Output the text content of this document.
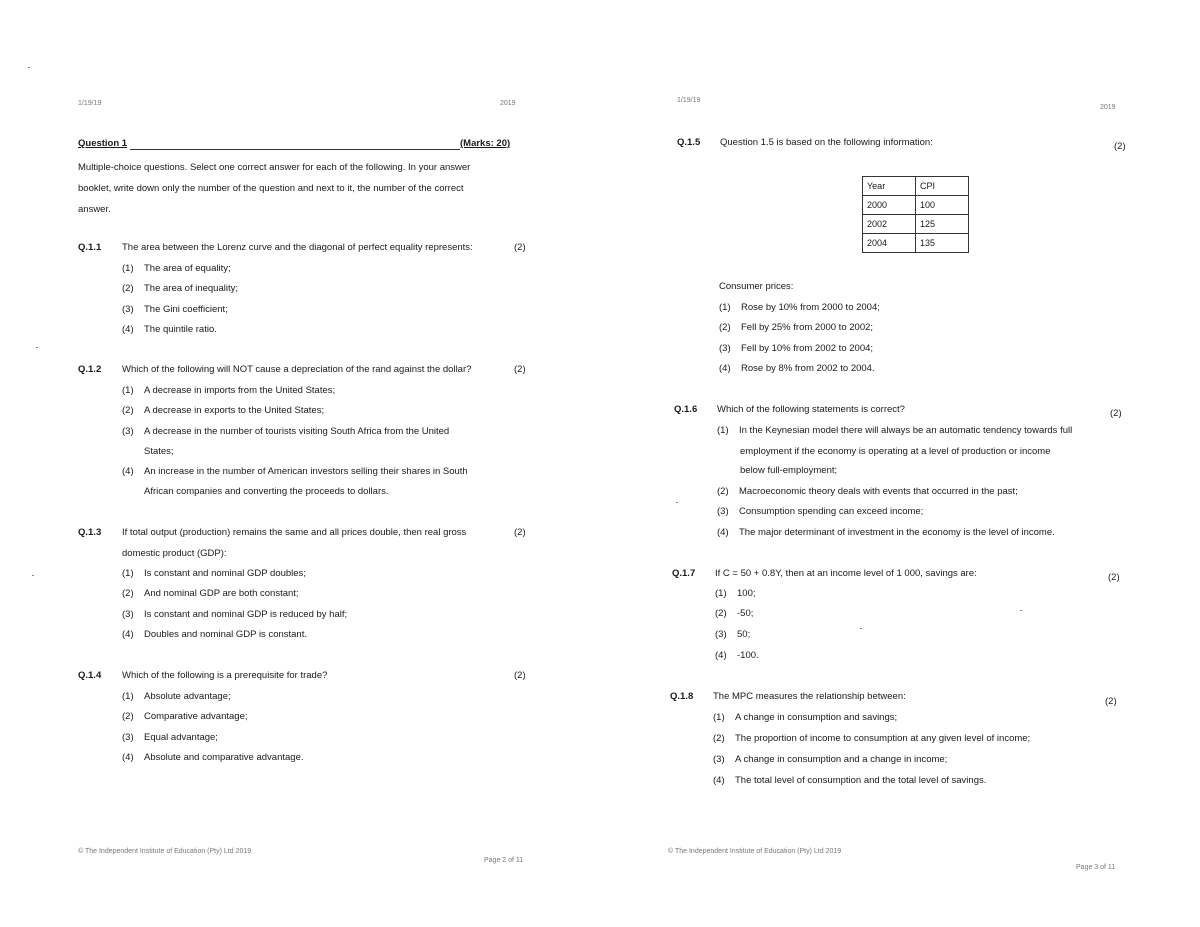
1/19/19	2019
Question 1	(Marks: 20)
Multiple-choice questions. Select one correct answer for each of the following. In your answer
booklet, write down only the number of the question and next to it, the number of the correct
answer.
Q.1.1 The area between the Lorenz curve and the diagonal of perfect equality represents:	(2)
(1) The area of equality;
(2) The area of inequality;
(3) The Gini coefficient;
(4) The quintile ratio.
Q.1.2 Which of the following will NOT cause a depreciation of the rand against the dollar?	(2)
(1) A decrease in imports from the United States;
(2) A decrease in exports to the United States;
(3) A decrease in the number of tourists visiting South Africa from the United
States;
(4) An increase in the number of American investors selling their shares in South
African companies and converting the proceeds to dollars.
Q.1.3 If total output (production) remains the same and all prices double, then real gross
domestic product (GDP):
(2)
(1) Is constant and nominal GDP doubles;
(2) And nominal GDP are both constant;
(3) Is constant and nominal GDP is reduced by half;
(4) Doubles and nominal GDP is constant.
Q.1.4 Which of the following is a prerequisite for trade?	(2)
(1) Absolute advantage;
(2) Comparative advantage;
(3) Equal advantage;
(4) Absolute and comparative advantage.
© The Independent Institute of Education (Pty) Ltd 2019
Page 2 of 11
1/19/19
2019
Q.1.5 Question 1.5 is based on the following information:	(2)
Year	CPI
2000	100
2002	125
2004	135
Consumer prices:
(1) Rose by 10% from 2000 to 2004;
(2) Fell by 25% from 2000 to 2002;
(3) Fell by 10% from 2002 to 2004;
(4) Rose by 8% from 2002 to 2004.
Q.1.6 Which of the following statements is correct?	(2)
(1) In the Keynesian model there will always be an automatic tendency towards full
employment if the economy is operating at a level of production or income
below full-employment;
(2) Macroeconomic theory deals with events that occurred in the past;
(3) Consumption spending can exceed income;
(4) The major determinant of investment in the economy is the level of income.
Q.1.7 If C = 50 + 0.8Y, then at an income level of 1 000, savings are:	(2)
(1) 100;
(2) -50;
(3) 50;
(4) -100.
Q.1.8 The MPC measures the relationship between:	(2)
(1) A change in consumption and savings;
(2) The proportion of income to consumption at any given level of income;
(3) A change in consumption and a change in income;
(4) The total level of consumption and the total level of savings.
© The Independent Institute of Education (Pty) Ltd 2019
Page 3 of 11
